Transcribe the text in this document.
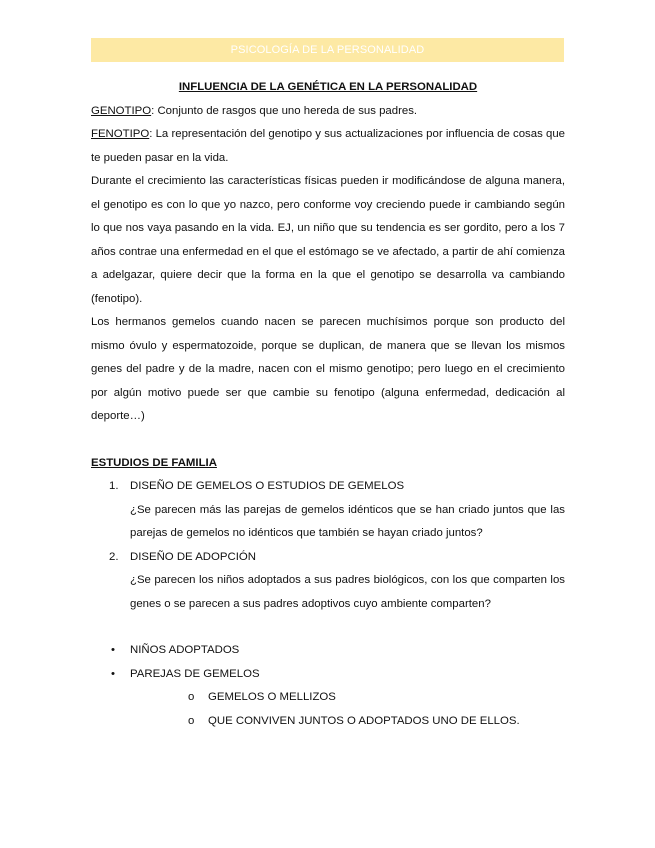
PSICOLOGÍA DE LA PERSONALIDAD

INFLUENCIA DE LA GENÉTICA EN LA PERSONALIDAD

GENOTIPO: Conjunto de rasgos que uno hereda de sus padres.

FENOTIPO: La representación del genotipo y sus actualizaciones por influencia de cosas que te pueden pasar en la vida.

Durante el crecimiento las características físicas pueden ir modificándose de alguna manera, el genotipo es con lo que yo nazco, pero conforme voy creciendo puede ir cambiando según lo que nos vaya pasando en la vida. EJ, un niño que su tendencia es ser gordito, pero a los 7 años contrae una enfermedad en el que el estómago se ve afectado, a partir de ahí comienza a adelgazar, quiere decir que la forma en la que el genotipo se desarrolla va cambiando (fenotipo).

Los hermanos gemelos cuando nacen se parecen muchísimos porque son producto del mismo óvulo y espermatozoide, porque se duplican, de manera que se llevan los mismos genes del padre y de la madre, nacen con el mismo genotipo; pero luego en el crecimiento por algún motivo puede ser que cambie su fenotipo (alguna enfermedad, dedicación al deporte…)

ESTUDIOS DE FAMILIA

1. DISEÑO DE GEMELOS O ESTUDIOS DE GEMELOS

¿Se parecen más las parejas de gemelos idénticos que se han criado juntos que las parejas de gemelos no idénticos que también se hayan criado juntos?

2. DISEÑO DE ADOPCIÓN

¿Se parecen los niños adoptados a sus padres biológicos, con los que comparten los genes o se parecen a sus padres adoptivos cuyo ambiente comparten?

• NIÑOS ADOPTADOS
• PAREJAS DE GEMELOS
o GEMELOS O MELLIZOS
o QUE CONVIVEN JUNTOS O ADOPTADOS UNO DE ELLOS.
